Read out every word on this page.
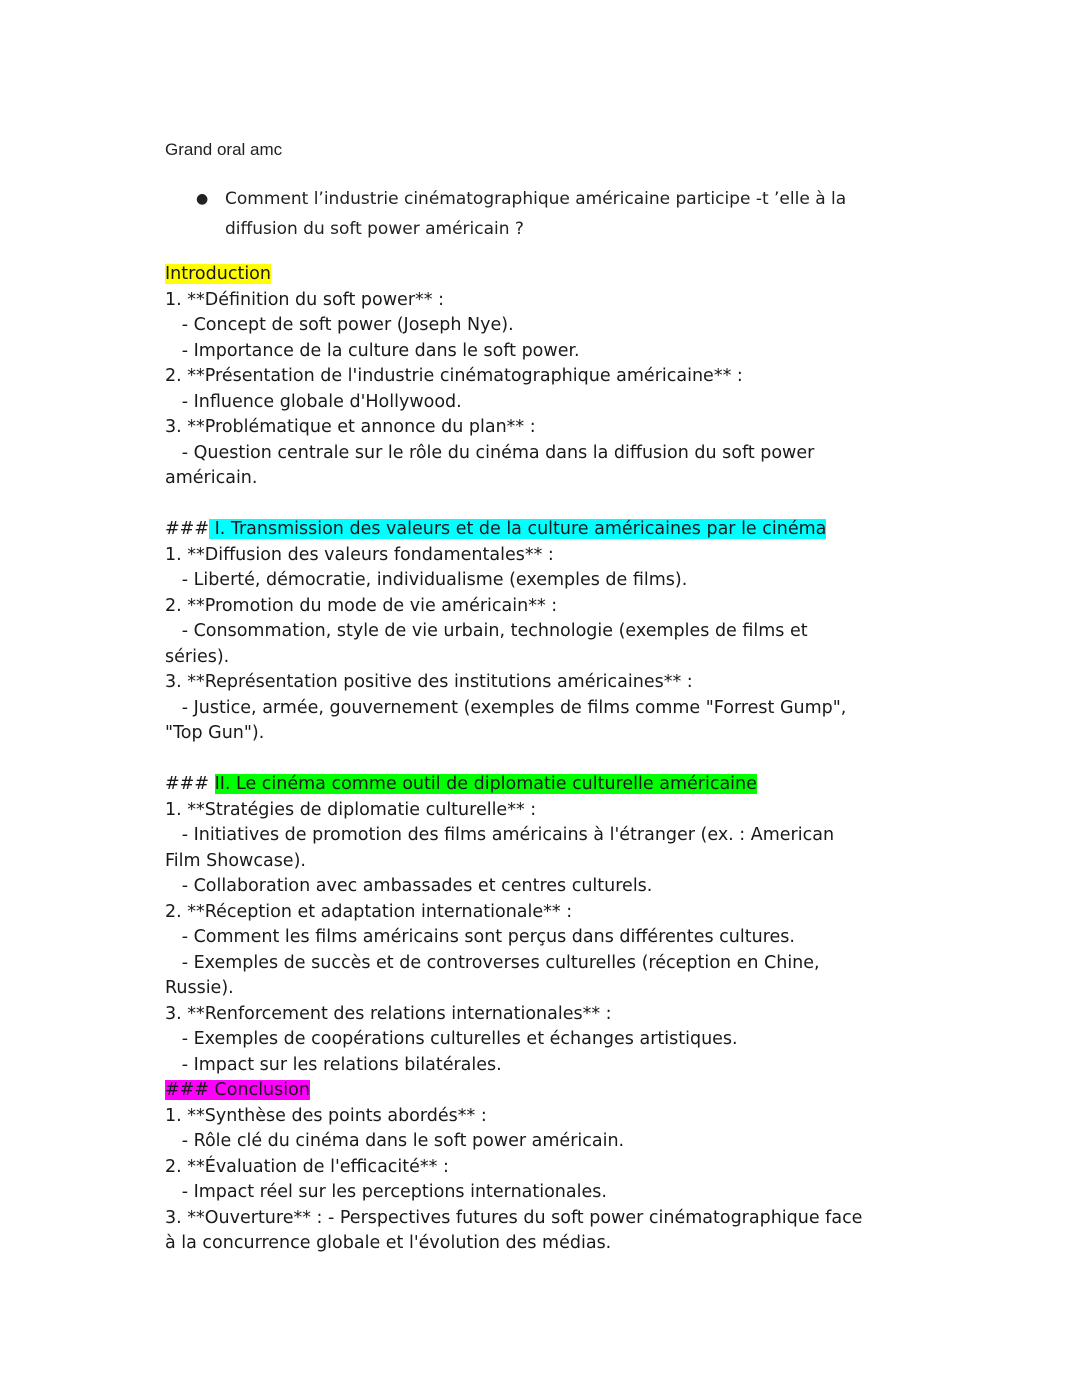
Grand oral amc

● Comment l’industrie cinématographique américaine participe -t ’elle à la diffusion du soft power américain ?

Introduction
1. **Définition du soft power** :
- Concept de soft power (Joseph Nye).
- Importance de la culture dans le soft power.
2. **Présentation de l'industrie cinématographique américaine** :
- Influence globale d'Hollywood.
3. **Problématique et annonce du plan** :
- Question centrale sur le rôle du cinéma dans la diffusion du soft power
américain.
### I. Transmission des valeurs et de la culture américaines par le cinéma
1. **Diffusion des valeurs fondamentales** :
- Liberté, démocratie, individualisme (exemples de films).
2. **Promotion du mode de vie américain** :
- Consommation, style de vie urbain, technologie (exemples de films et
séries).
3. **Représentation positive des institutions américaines** :
- Justice, armée, gouvernement (exemples de films comme "Forrest Gump",
"Top Gun").
### II. Le cinéma comme outil de diplomatie culturelle américaine
1. **Stratégies de diplomatie culturelle** :
- Initiatives de promotion des films américains à l'étranger (ex. : American
Film Showcase).
- Collaboration avec ambassades et centres culturels.
2. **Réception et adaptation internationale** :
- Comment les films américains sont perçus dans différentes cultures.
- Exemples de succès et de controverses culturelles (réception en Chine,
Russie).
3. **Renforcement des relations internationales** :
- Exemples de coopérations culturelles et échanges artistiques.
- Impact sur les relations bilatérales.
### Conclusion
1. **Synthèse des points abordés** :
- Rôle clé du cinéma dans le soft power américain.
2. **Évaluation de l'efficacité** :
- Impact réel sur les perceptions internationales.
3. **Ouverture** : - Perspectives futures du soft power cinématographique face
à la concurrence globale et l'évolution des médias.
